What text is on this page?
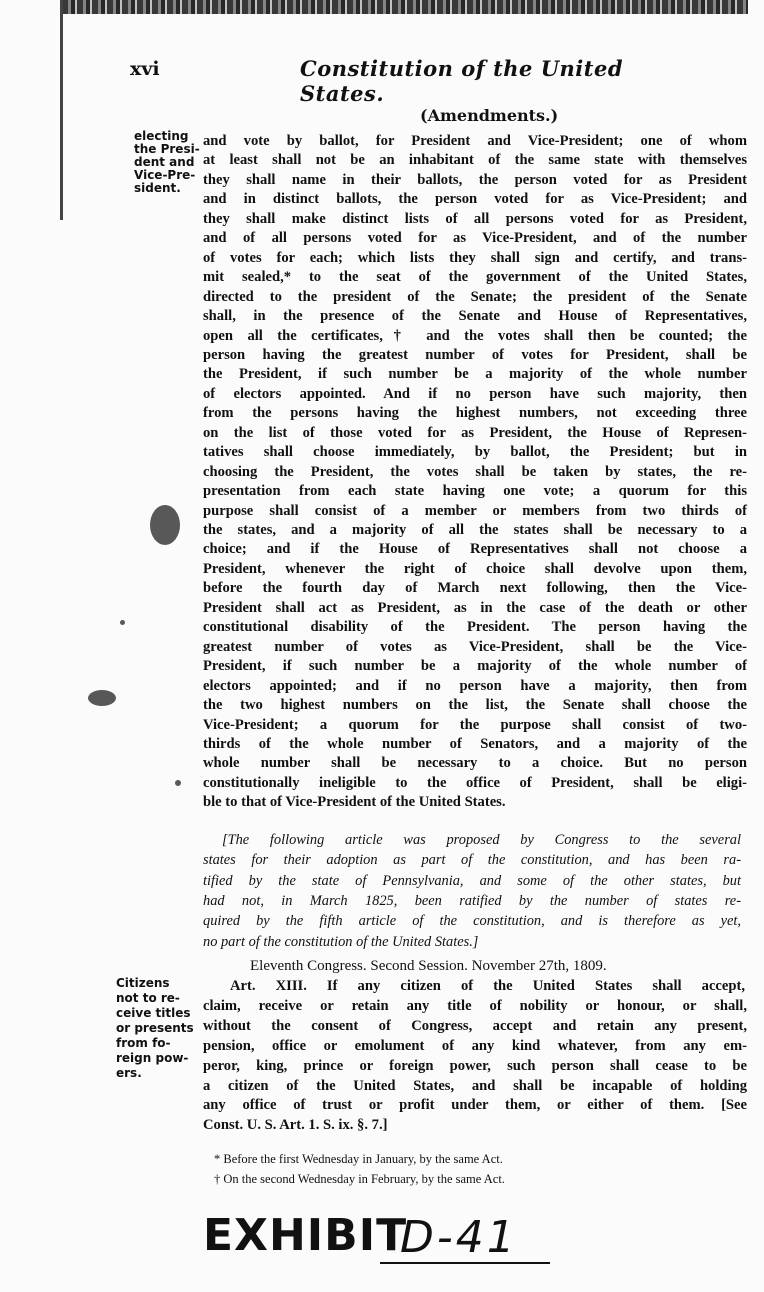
xvi	Constitution of the United States.
(Amendments.)
electing
the Presi-
dent and
Vice-Pre-
sident.
and vote by ballot, for President and Vice-President; one of whom
at least shall not be an inhabitant of the same state with themselves
they shall name in their ballots, the person voted for as President
and in distinct ballots, the person voted for as Vice-President; and
they shall make distinct lists of all persons voted for as President,
and of all persons voted for as Vice-President, and of the number
of votes for each; which lists they shall sign and certify, and trans-
mit sealed,* to the seat of the government of the United States,
directed to the president of the Senate; the president of the Senate
shall, in the presence of the Senate and House of Representatives,
open all the certificates,† and the votes shall then be counted; the
person having the greatest number of votes for President, shall be
the President, if such number be a majority of the whole number
of electors appointed. And if no person have such majority, then
from the persons having the highest numbers, not exceeding three
on the list of those voted for as President, the House of Represen-
tatives shall choose immediately, by ballot, the President; but in
choosing the President, the votes shall be taken by states, the re-
presentation from each state having one vote; a quorum for this
purpose shall consist of a member or members from two thirds of
the states, and a majority of all the states shall be necessary to a
choice; and if the House of Representatives shall not choose a
President, whenever the right of choice shall devolve upon them,
before the fourth day of March next following, then the Vice-
President shall act as President, as in the case of the death or other
constitutional disability of the President. The person having the
greatest number of votes as Vice-President, shall be the Vice-
President, if such number be a majority of the whole number of
electors appointed; and if no person have a majority, then from
the two highest numbers on the list, the Senate shall choose the
Vice-President; a quorum for the purpose shall consist of two-
thirds of the whole number of Senators, and a majority of the
whole number shall be necessary to a choice. But no person
constitutionally ineligible to the office of President, shall be eligi-
ble to that of Vice-President of the United States.
[The following article was proposed by Congress to the several
states for their adoption as part of the constitution, and has been ra-
tified by the state of Pennsylvania, and some of the other states, but
had not, in March 1825, been ratified by the number of states re-
quired by the fifth article of the constitution, and is therefore as yet,
no part of the constitution of the United States.]
Eleventh Congress. Second Session. November 27th, 1809.
Citizens
not to re-
ceive titles
or presents
from fo-
reign pow-
ers.
Art. XIII. If any citizen of the United States shall accept,
claim, receive or retain any title of nobility or honour, or shall,
without the consent of Congress, accept and retain any present,
pension, office or emolument of any kind whatever, from any em-
peror, king, prince or foreign power, such person shall cease to be
a citizen of the United States, and shall be incapable of holding
any office of trust or profit under them, or either of them. [See
Const. U. S. Art. 1. S. ix. §. 7.]
* Before the first Wednesday in January, by the same Act.
† On the second Wednesday in February, by the same Act.
EXHIBIT
D-41
